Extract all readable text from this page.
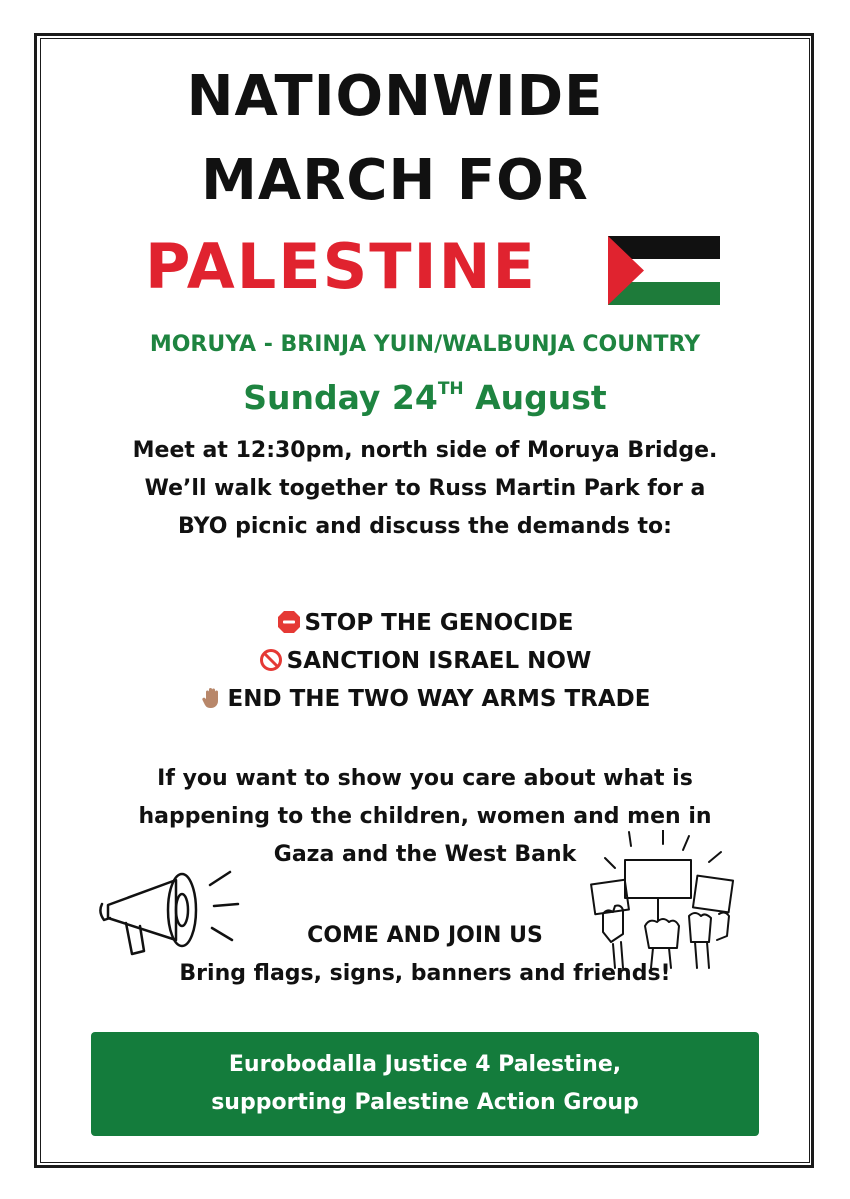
NATIONWIDE
MARCH FOR
PALESTINE
MORUYA - BRINJA YUIN/WALBUNJA COUNTRY
Sunday 24TH August
Meet at 12:30pm, north side of Moruya Bridge.
We’ll walk together to Russ Martin Park for a
BYO picnic and discuss the demands to:
STOP THE GENOCIDE
SANCTION ISRAEL NOW
END THE TWO WAY ARMS TRADE
If you want to show you care about what is
happening to the children, women and men in
Gaza and the West Bank
COME AND JOIN US
Bring flags, signs, banners and friends!
Eurobodalla Justice 4 Palestine,
supporting Palestine Action Group
